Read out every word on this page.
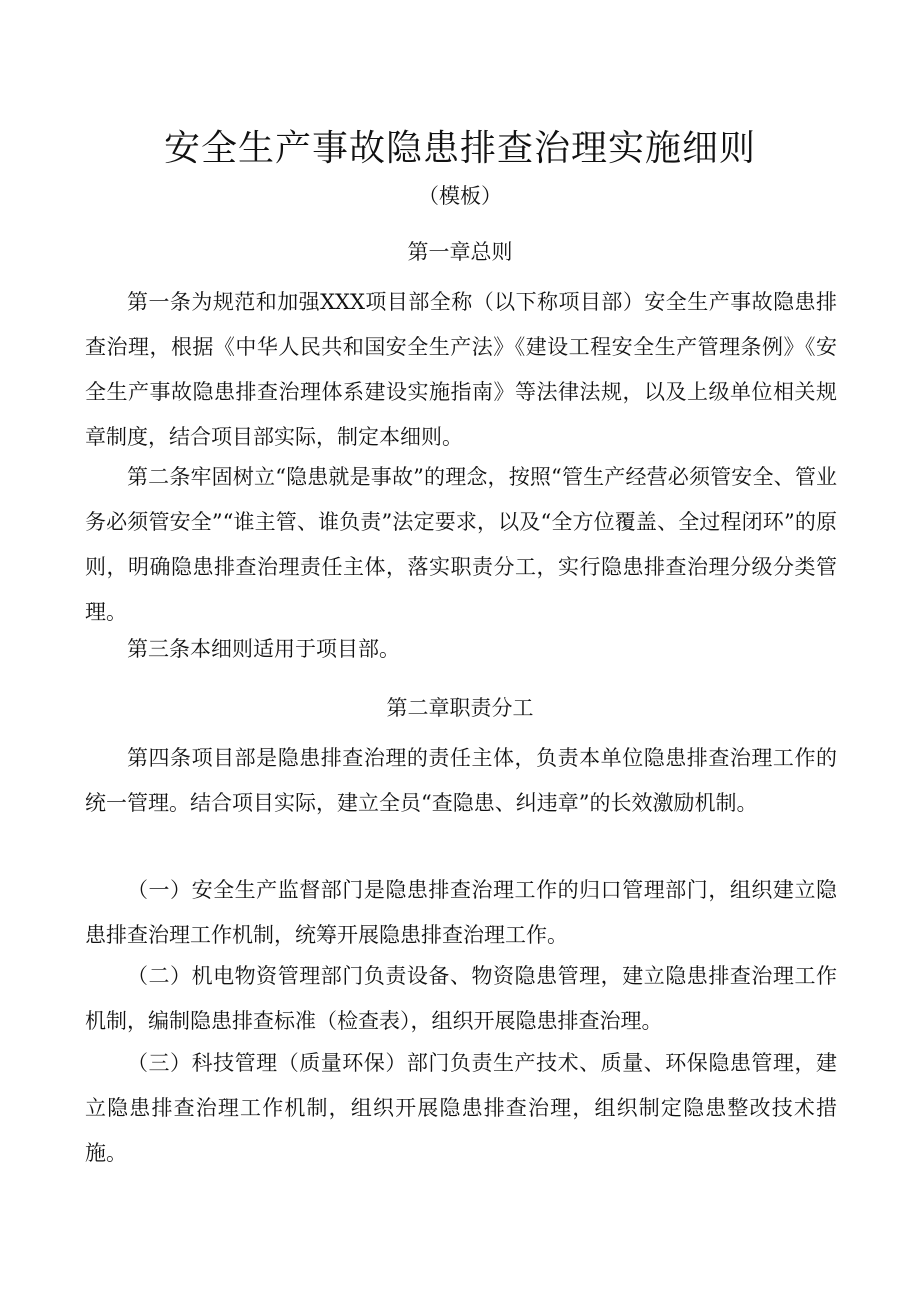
安全生产事故隐患排查治理实施细则
（模板）
第一章总则

第一条为规范和加强XXX项目部全称（以下称项目部）安全生产事故隐患排查治理，根据《中华人民共和国安全生产法》《建设工程安全生产管理条例》《安全生产事故隐患排查治理体系建设实施指南》等法律法规，以及上级单位相关规章制度，结合项目部实际，制定本细则。

第二条牢固树立“隐患就是事故”的理念，按照“管生产经营必须管安全、管业务必须管安全”“谁主管、谁负责”法定要求，以及“全方位覆盖、全过程闭环”的原则，明确隐患排查治理责任主体，落实职责分工，实行隐患排查治理分级分类管理。

第三条本细则适用于项目部。

第二章职责分工

第四条项目部是隐患排查治理的责任主体，负责本单位隐患排查治理工作的统一管理。结合项目实际，建立全员“查隐患、纠违章”的长效激励机制。

（一）安全生产监督部门是隐患排查治理工作的归口管理部门，组织建立隐患排查治理工作机制，统筹开展隐患排查治理工作。

（二）机电物资管理部门负责设备、物资隐患管理，建立隐患排查治理工作机制，编制隐患排查标准（检查表），组织开展隐患排查治理。

（三）科技管理（质量环保）部门负责生产技术、质量、环保隐患管理，建立隐患排查治理工作机制，组织开展隐患排查治理，组织制定隐患整改技术措施。
